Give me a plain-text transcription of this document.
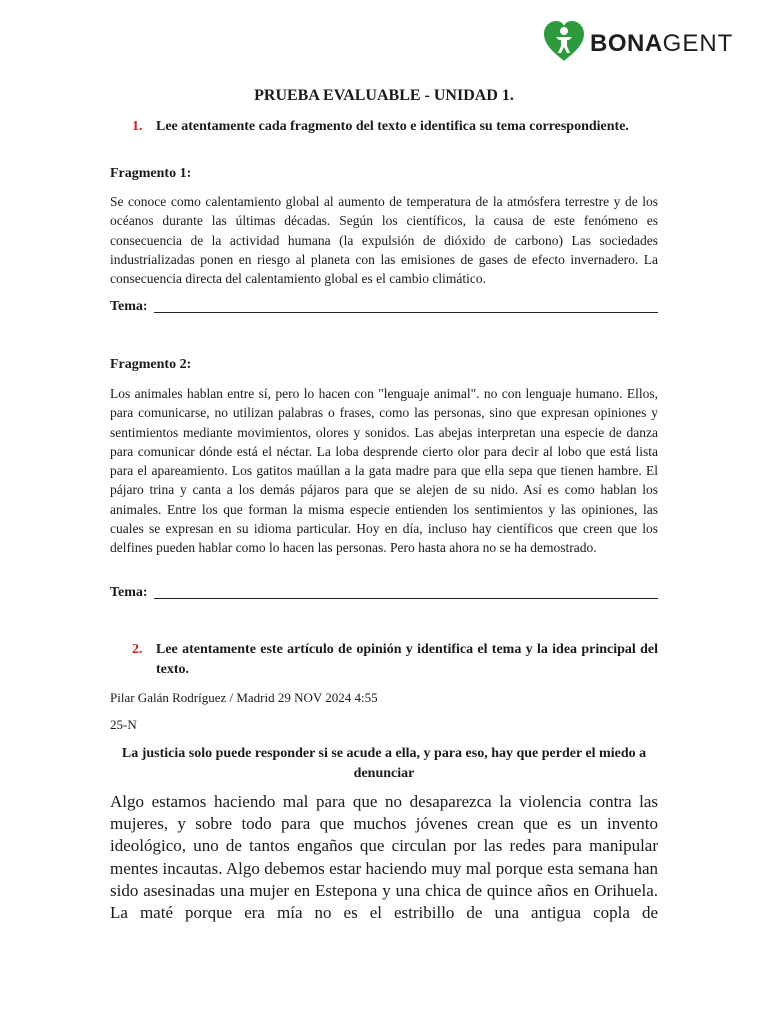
BONAGENT
PRUEBA EVALUABLE - UNIDAD 1.
1. Lee atentamente cada fragmento del texto e identifica su tema correspondiente.
Fragmento 1:
Se conoce como calentamiento global al aumento de temperatura de la atmósfera terrestre y de los océanos durante las últimas décadas. Según los científicos, la causa de este fenómeno es consecuencia de la actividad humana (la expulsión de dióxido de carbono) Las sociedades industrializadas ponen en riesgo al planeta con las emisiones de gases de efecto invernadero. La consecuencia directa del calentamiento global es el cambio climático.
Tema:
Fragmento 2:
Los animales hablan entre sí, pero lo hacen con "lenguaje animal". no con lenguaje humano. Ellos, para comunicarse, no utilizan palabras o frases, como las personas, sino que expresan opiniones y sentimientos mediante movimientos, olores y sonidos. Las abejas interpretan una especie de danza para comunicar dónde está el néctar. La loba desprende cierto olor para decir al lobo que está lista para el apareamiento. Los gatitos maúllan a la gata madre para que ella sepa que tienen hambre. El pájaro trina y canta a los demás pájaros para que se alejen de su nido. Así es como hablan los animales. Entre los que forman la misma especie entienden los sentimientos y las opiniones, las cuales se expresan en su idioma particular. Hoy en día, incluso hay científicos que creen que los delfines pueden hablar como lo hacen las personas. Pero hasta ahora no se ha demostrado.
Tema:
2. Lee atentamente este artículo de opinión y identifica el tema y la idea principal del texto.
Pilar Galán Rodríguez / Madrid 29 NOV 2024 4:55
25-N
La justicia solo puede responder si se acude a ella, y para eso, hay que perder el miedo a denunciar
Algo estamos haciendo mal para que no desaparezca la violencia contra las mujeres, y sobre todo para que muchos jóvenes crean que es un invento ideológico, uno de tantos engaños que circulan por las redes para manipular mentes incautas. Algo debemos estar haciendo muy mal porque esta semana han sido asesinadas una mujer en Estepona y una chica de quince años en Orihuela. La maté porque era mía no es el estribillo de una antigua copla de
